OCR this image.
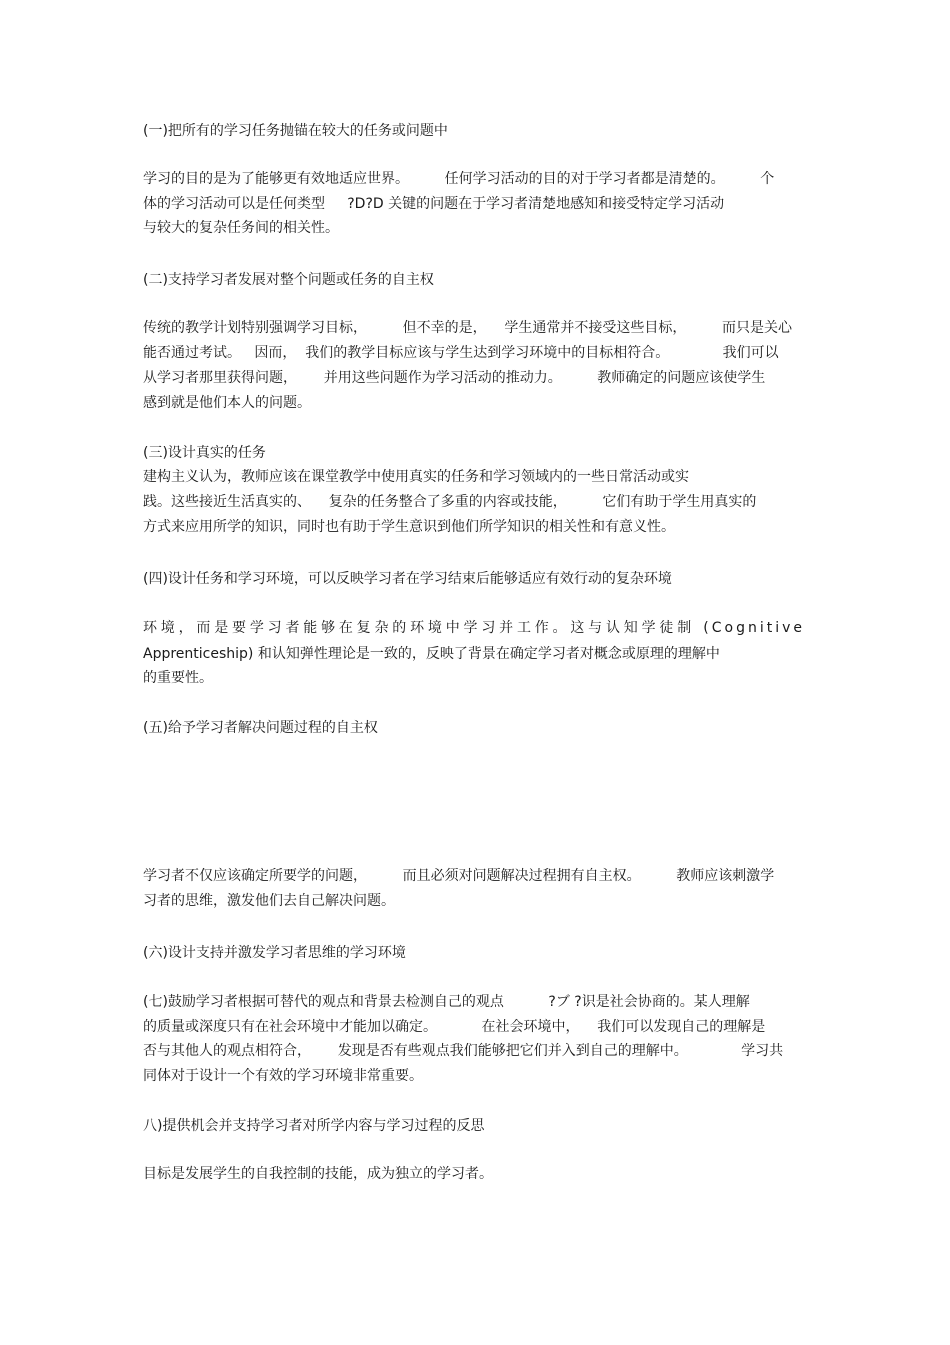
(一)把所有的学习任务抛锚在较大的任务或问题中
学习的目的是为了能够更有效地适应世界。        任何学习活动的目的对于学习者都是清楚的。        个
体的学习活动可以是任何类型     ?D?D 关键的问题在于学习者清楚地感知和接受特定学习活动
与较大的复杂任务间的相关性。
(二)支持学习者发展对整个问题或任务的自主权
传统的教学计划特别强调学习目标，        但不幸的是，    学生通常并不接受这些目标，        而只是关心
能否通过考试。   因而，  我们的教学目标应该与学生达到学习环境中的目标相符合。            我们可以
从学习者那里获得问题，      并用这些问题作为学习活动的推动力。        教师确定的问题应该使学生
感到就是他们本人的问题。
(三)设计真实的任务
建构主义认为，教师应该在课堂教学中使用真实的任务和学习领域内的一些日常活动或实
践。这些接近生活真实的、    复杂的任务整合了多重的内容或技能，        它们有助于学生用真实的
方式来应用所学的知识，同时也有助于学生意识到他们所学知识的相关性和有意义性。
(四)设计任务和学习环境，可以反映学习者在学习结束后能够适应有效行动的复杂环境
环境，而是要学习者能够在复杂的环境中学习并工作。这与认知学徒制 (Cognitive
Apprenticeship) 和认知弹性理论是一致的，反映了背景在确定学习者对概念或原理的理解中
的重要性。
(五)给予学习者解决问题过程的自主权
学习者不仅应该确定所要学的问题，        而且必须对问题解决过程拥有自主权。        教师应该刺激学
习者的思维，激发他们去自己解决问题。
(六)设计支持并激发学习者思维的学习环境
(七)鼓励学习者根据可替代的观点和背景去检测自己的观点          ?ブ ?识是社会协商的。某人理解
的质量或深度只有在社会环境中才能加以确定。          在社会环境中，    我们可以发现自己的理解是
否与其他人的观点相符合，      发现是否有些观点我们能够把它们并入到自己的理解中。            学习共
同体对于设计一个有效的学习环境非常重要。
八)提供机会并支持学习者对所学内容与学习过程的反思
目标是发展学生的自我控制的技能，成为独立的学习者。
